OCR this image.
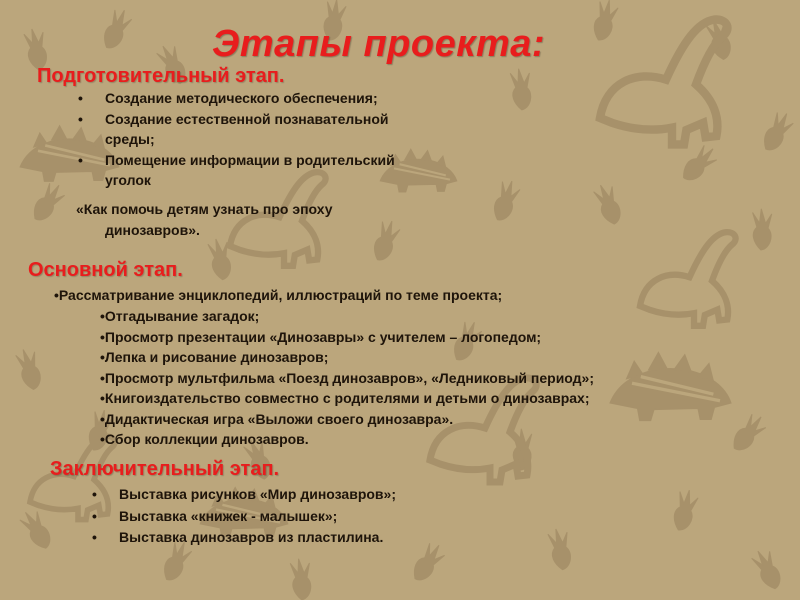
Этапы проекта:
Подготовительный этап.
• Создание методического обеспечения;
• Создание естественной познавательной
среды;
• Помещение информации в родительский
уголок
«Как помочь детям узнать про эпоху
динозавров».
Основной этап.
•Рассматривание энциклопедий, иллюстраций по теме проекта;
•Отгадывание загадок;
•Просмотр презентации «Динозавры» с учителем – логопедом;
•Лепка и рисование динозавров;
•Просмотр мультфильма «Поезд динозавров», «Ледниковый период»;
•Книгоиздательство совместно с родителями и детьми о динозаврах;
•Дидактическая игра «Выложи своего динозавра».
•Сбор коллекции динозавров.
Заключительный этап.
• Выставка рисунков «Мир динозавров»;
• Выставка «книжек - малышек»;
• Выставка динозавров из пластилина.
